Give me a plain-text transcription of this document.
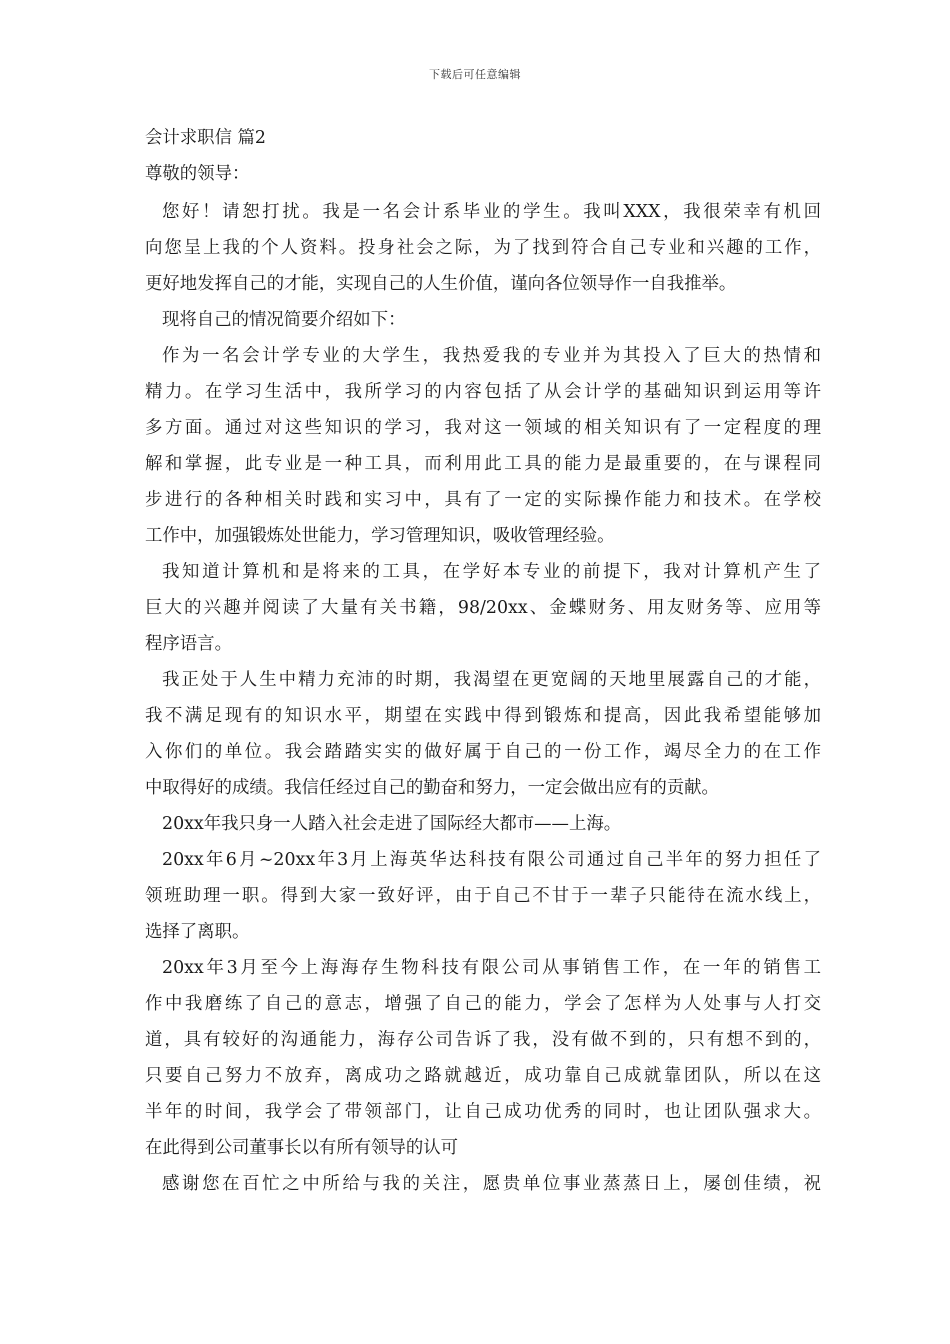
下载后可任意编辑
会计求职信 篇2
尊敬的领导：
您好！请恕打扰。我是一名会计系毕业的学生。我叫XXX，我很荣幸有机回
向您呈上我的个人资料。投身社会之际，为了找到符合自己专业和兴趣的工作，
更好地发挥自己的才能，实现自己的人生价值，谨向各位领导作一自我推举。
现将自己的情况简要介绍如下：
作为一名会计学专业的大学生，我热爱我的专业并为其投入了巨大的热情和
精力。在学习生活中，我所学习的内容包括了从会计学的基础知识到运用等许
多方面。通过对这些知识的学习，我对这一领域的相关知识有了一定程度的理
解和掌握，此专业是一种工具，而利用此工具的能力是最重要的，在与课程同
步进行的各种相关时践和实习中，具有了一定的实际操作能力和技术。在学校
工作中，加强锻炼处世能力，学习管理知识，吸收管理经验。
我知道计算机和是将来的工具，在学好本专业的前提下，我对计算机产生了
巨大的兴趣并阅读了大量有关书籍，98/20xx、金蝶财务、用友财务等、应用等
程序语言。
我正处于人生中精力充沛的时期，我渴望在更宽阔的天地里展露自己的才能，
我不满足现有的知识水平，期望在实践中得到锻炼和提高，因此我希望能够加
入你们的单位。我会踏踏实实的做好属于自己的一份工作，竭尽全力的在工作
中取得好的成绩。我信任经过自己的勤奋和努力，一定会做出应有的贡献。
20xx年我只身一人踏入社会走进了国际经大都市——上海。
20xx年6月~20xx年3月上海英华达科技有限公司通过自己半年的努力担任了
领班助理一职。得到大家一致好评，由于自己不甘于一辈子只能待在流水线上，
选择了离职。
20xx年3月至今上海海存生物科技有限公司从事销售工作，在一年的销售工
作中我磨练了自己的意志，增强了自己的能力，学会了怎样为人处事与人打交
道，具有较好的沟通能力，海存公司告诉了我，没有做不到的，只有想不到的，
只要自己努力不放弃，离成功之路就越近，成功靠自己成就靠团队，所以在这
半年的时间，我学会了带领部门，让自己成功优秀的同时，也让团队强求大。
在此得到公司董事长以有所有领导的认可
感谢您在百忙之中所给与我的关注，愿贵单位事业蒸蒸日上，屡创佳绩，祝
